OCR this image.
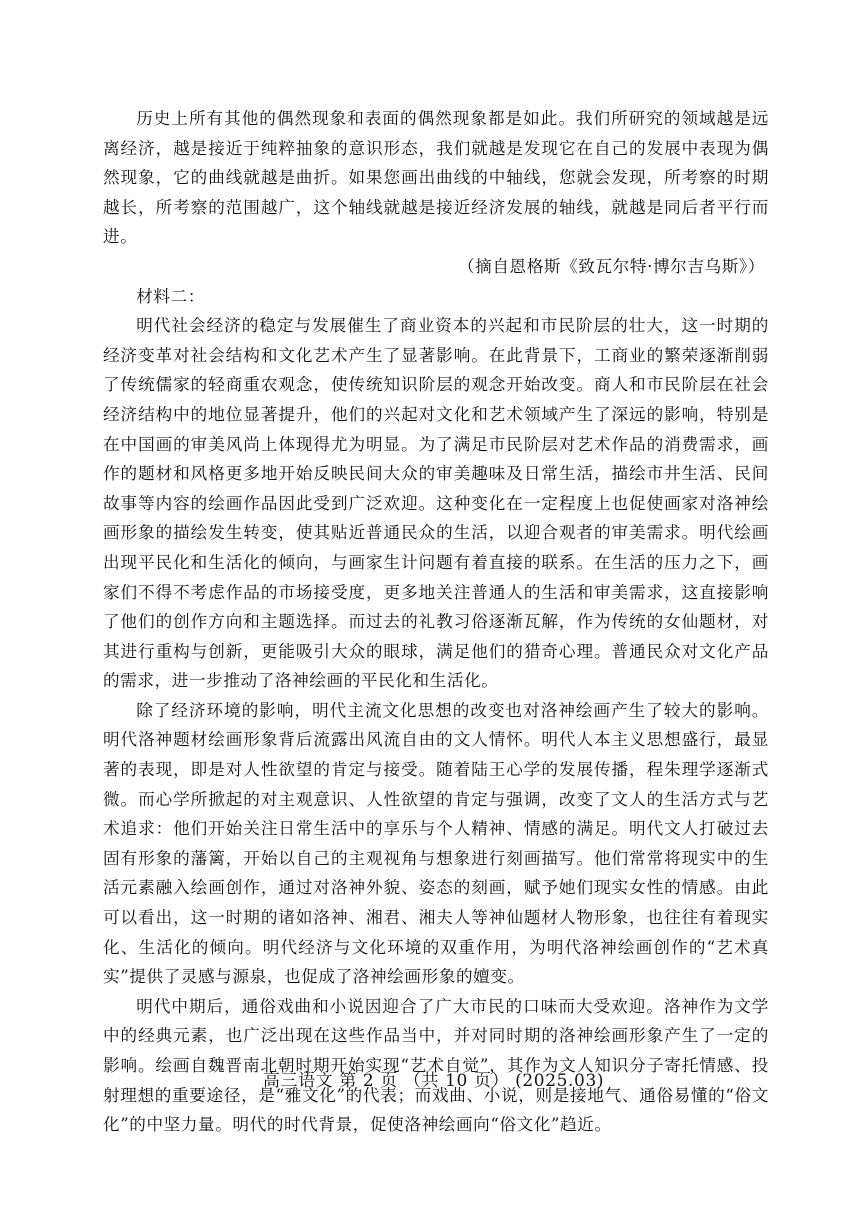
历史上所有其他的偶然现象和表面的偶然现象都是如此。我们所研究的领域越是远离经济，越是接近于纯粹抽象的意识形态，我们就越是发现它在自己的发展中表现为偶然现象，它的曲线就越是曲折。如果您画出曲线的中轴线，您就会发现，所考察的时期越长，所考察的范围越广，这个轴线就越是接近经济发展的轴线，就越是同后者平行而进。

（摘自恩格斯《致瓦尔特·博尔吉乌斯》）

材料二：

明代社会经济的稳定与发展催生了商业资本的兴起和市民阶层的壮大，这一时期的经济变革对社会结构和文化艺术产生了显著影响。在此背景下，工商业的繁荣逐渐削弱了传统儒家的轻商重农观念，使传统知识阶层的观念开始改变。商人和市民阶层在社会经济结构中的地位显著提升，他们的兴起对文化和艺术领域产生了深远的影响，特别是在中国画的审美风尚上体现得尤为明显。为了满足市民阶层对艺术作品的消费需求，画作的题材和风格更多地开始反映民间大众的审美趣味及日常生活，描绘市井生活、民间故事等内容的绘画作品因此受到广泛欢迎。这种变化在一定程度上也促使画家对洛神绘画形象的描绘发生转变，使其贴近普通民众的生活，以迎合观者的审美需求。明代绘画出现平民化和生活化的倾向，与画家生计问题有着直接的联系。在生活的压力之下，画家们不得不考虑作品的市场接受度，更多地关注普通人的生活和审美需求，这直接影响了他们的创作方向和主题选择。而过去的礼教习俗逐渐瓦解，作为传统的女仙题材，对其进行重构与创新，更能吸引大众的眼球，满足他们的猎奇心理。普通民众对文化产品的需求，进一步推动了洛神绘画的平民化和生活化。

除了经济环境的影响，明代主流文化思想的改变也对洛神绘画产生了较大的影响。明代洛神题材绘画形象背后流露出风流自由的文人情怀。明代人本主义思想盛行，最显著的表现，即是对人性欲望的肯定与接受。随着陆王心学的发展传播，程朱理学逐渐式微。而心学所掀起的对主观意识、人性欲望的肯定与强调，改变了文人的生活方式与艺术追求：他们开始关注日常生活中的享乐与个人精神、情感的满足。明代文人打破过去固有形象的藩篱，开始以自己的主观视角与想象进行刻画描写。他们常常将现实中的生活元素融入绘画创作，通过对洛神外貌、姿态的刻画，赋予她们现实女性的情感。由此可以看出，这一时期的诸如洛神、湘君、湘夫人等神仙题材人物形象，也往往有着现实化、生活化的倾向。明代经济与文化环境的双重作用，为明代洛神绘画创作的“艺术真实”提供了灵感与源泉，也促成了洛神绘画形象的嬗变。

明代中期后，通俗戏曲和小说因迎合了广大市民的口味而大受欢迎。洛神作为文学中的经典元素，也广泛出现在这些作品当中，并对同时期的洛神绘画形象产生了一定的影响。绘画自魏晋南北朝时期开始实现“艺术自觉”，其作为文人知识分子寄托情感、投射理想的重要途径，是“雅文化”的代表；而戏曲、小说，则是接地气、通俗易懂的“俗文化”的中坚力量。明代的时代背景，促使洛神绘画向“俗文化”趋近。

高三语文 第 2 页 （共 10 页） (2025.03)
